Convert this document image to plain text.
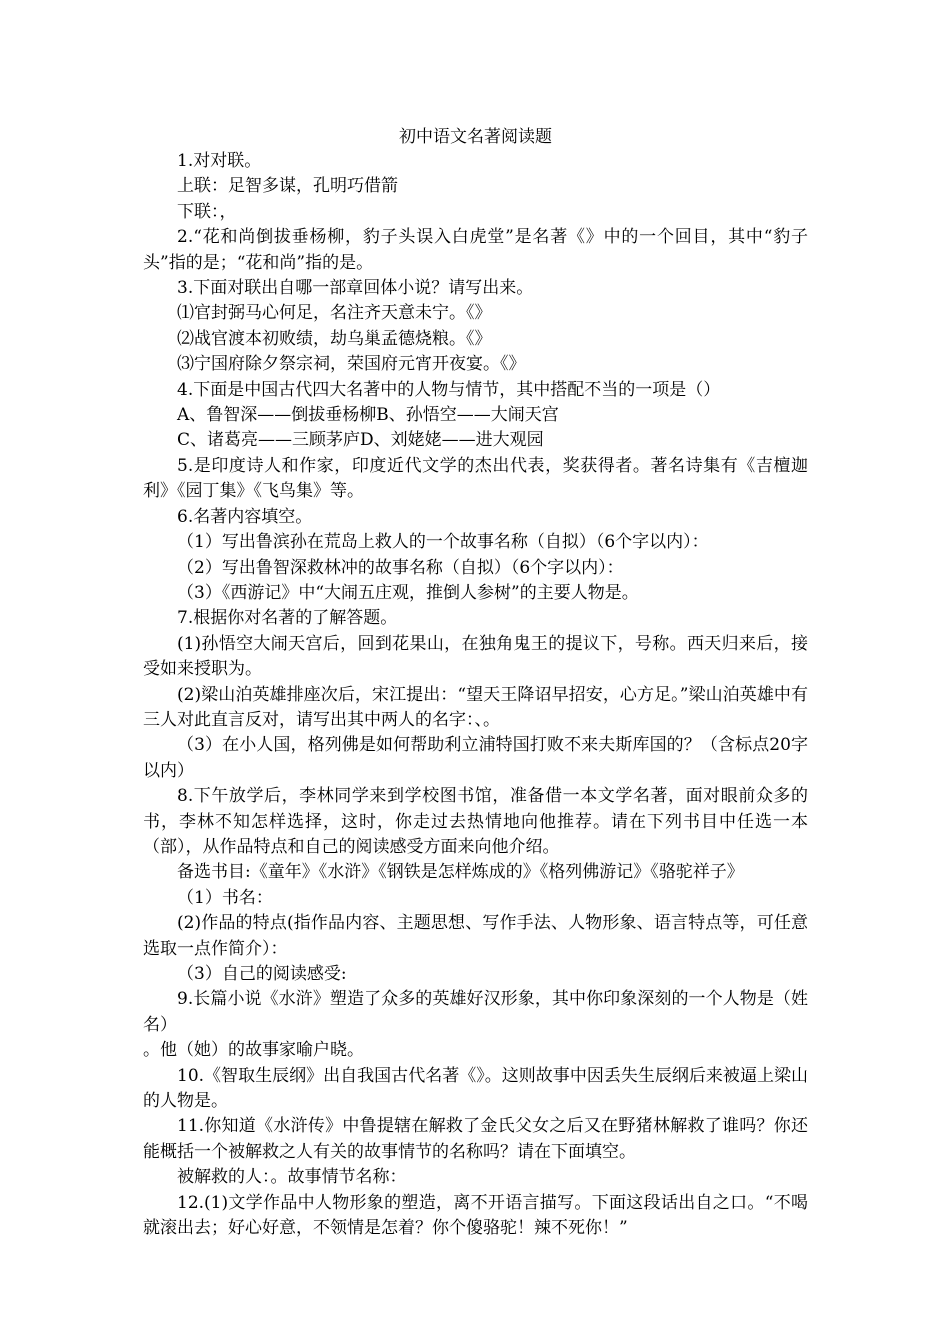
初中语文名著阅读题

1.对对联。

上联：足智多谋，孔明巧借箭

下联：，

2.“花和尚倒拔垂杨柳，豹子头误入白虎堂”是名著《》中的一个回目，其中“豹子头”指的是；“花和尚”指的是。

3.下面对联出自哪一部章回体小说？请写出来。

⑴官封弼马心何足，名注齐天意未宁。《》

⑵战官渡本初败绩，劫乌巢孟德烧粮。《》

⑶宁国府除夕祭宗祠，荣国府元宵开夜宴。《》

4.下面是中国古代四大名著中的人物与情节，其中搭配不当的一项是（）

A、鲁智深——倒拔垂杨柳B、孙悟空——大闹天宫

C、诸葛亮——三顾茅庐D、刘姥姥——进大观园

5.是印度诗人和作家，印度近代文学的杰出代表，奖获得者。著名诗集有《吉檀迦利》《园丁集》《飞鸟集》等。

6.名著内容填空。

（1）写出鲁滨孙在荒岛上救人的一个故事名称（自拟）（6个字以内）：

（2）写出鲁智深救林冲的故事名称（自拟）（6个字以内）：

（3）《西游记》中“大闹五庄观，推倒人参树”的主要人物是。

7.根据你对名著的了解答题。

(1)孙悟空大闹天宫后，回到花果山，在独角鬼王的提议下，号称。西天归来后，接受如来授职为。

(2)梁山泊英雄排座次后，宋江提出：“望天王降诏早招安，心方足。”梁山泊英雄中有三人对此直言反对，请写出其中两人的名字：、。

（3）在小人国，格列佛是如何帮助利立浦特国打败不来夫斯库国的？（含标点20字以内）

8.下午放学后，李林同学来到学校图书馆，准备借一本文学名著，面对眼前众多的书，李林不知怎样选择，这时，你走过去热情地向他推荐。请在下列书目中任选一本（部），从作品特点和自己的阅读感受方面来向他介绍。

备选书目:《童年》《水浒》《钢铁是怎样炼成的》《格列佛游记》《骆驼祥子》

（1）书名：

(2)作品的特点(指作品内容、主题思想、写作手法、人物形象、语言特点等，可任意选取一点作简介）：

（3）自己的阅读感受:

9.长篇小说《水浒》塑造了众多的英雄好汉形象，其中你印象深刻的一个人物是（姓名）

。他（她）的故事家喻户晓。

10.《智取生辰纲》出自我国古代名著《》。这则故事中因丢失生辰纲后来被逼上梁山的人物是。

11.你知道《水浒传》中鲁提辖在解救了金氏父女之后又在野猪林解救了谁吗？你还能概括一个被解救之人有关的故事情节的名称吗？请在下面填空。

被解救的人：。故事情节名称：

12.(1)文学作品中人物形象的塑造，离不开语言描写。下面这段话出自之口。“不喝就滚出去；好心好意，不领情是怎着？你个傻骆驼！辣不死你！”
